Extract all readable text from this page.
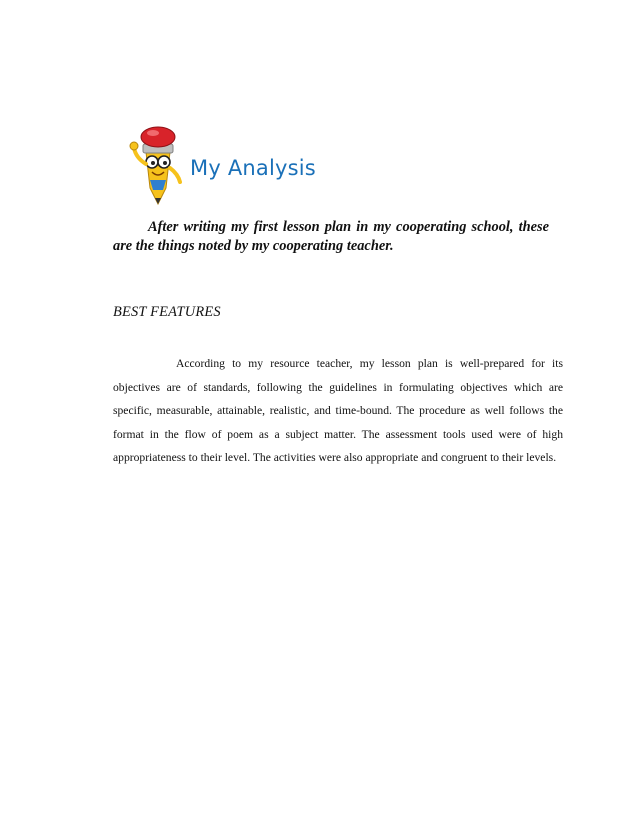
My Analysis

After writing my first lesson plan in my cooperating school, these are the things noted by my cooperating teacher.

BEST FEATURES

According to my resource teacher, my lesson plan is well-prepared for its objectives are of standards, following the guidelines in formulating objectives which are specific, measurable, attainable, realistic, and time-bound. The procedure as well follows the format in the flow of poem as a subject matter. The assessment tools used were of high appropriateness to their level. The activities were also appropriate and congruent to their levels.
